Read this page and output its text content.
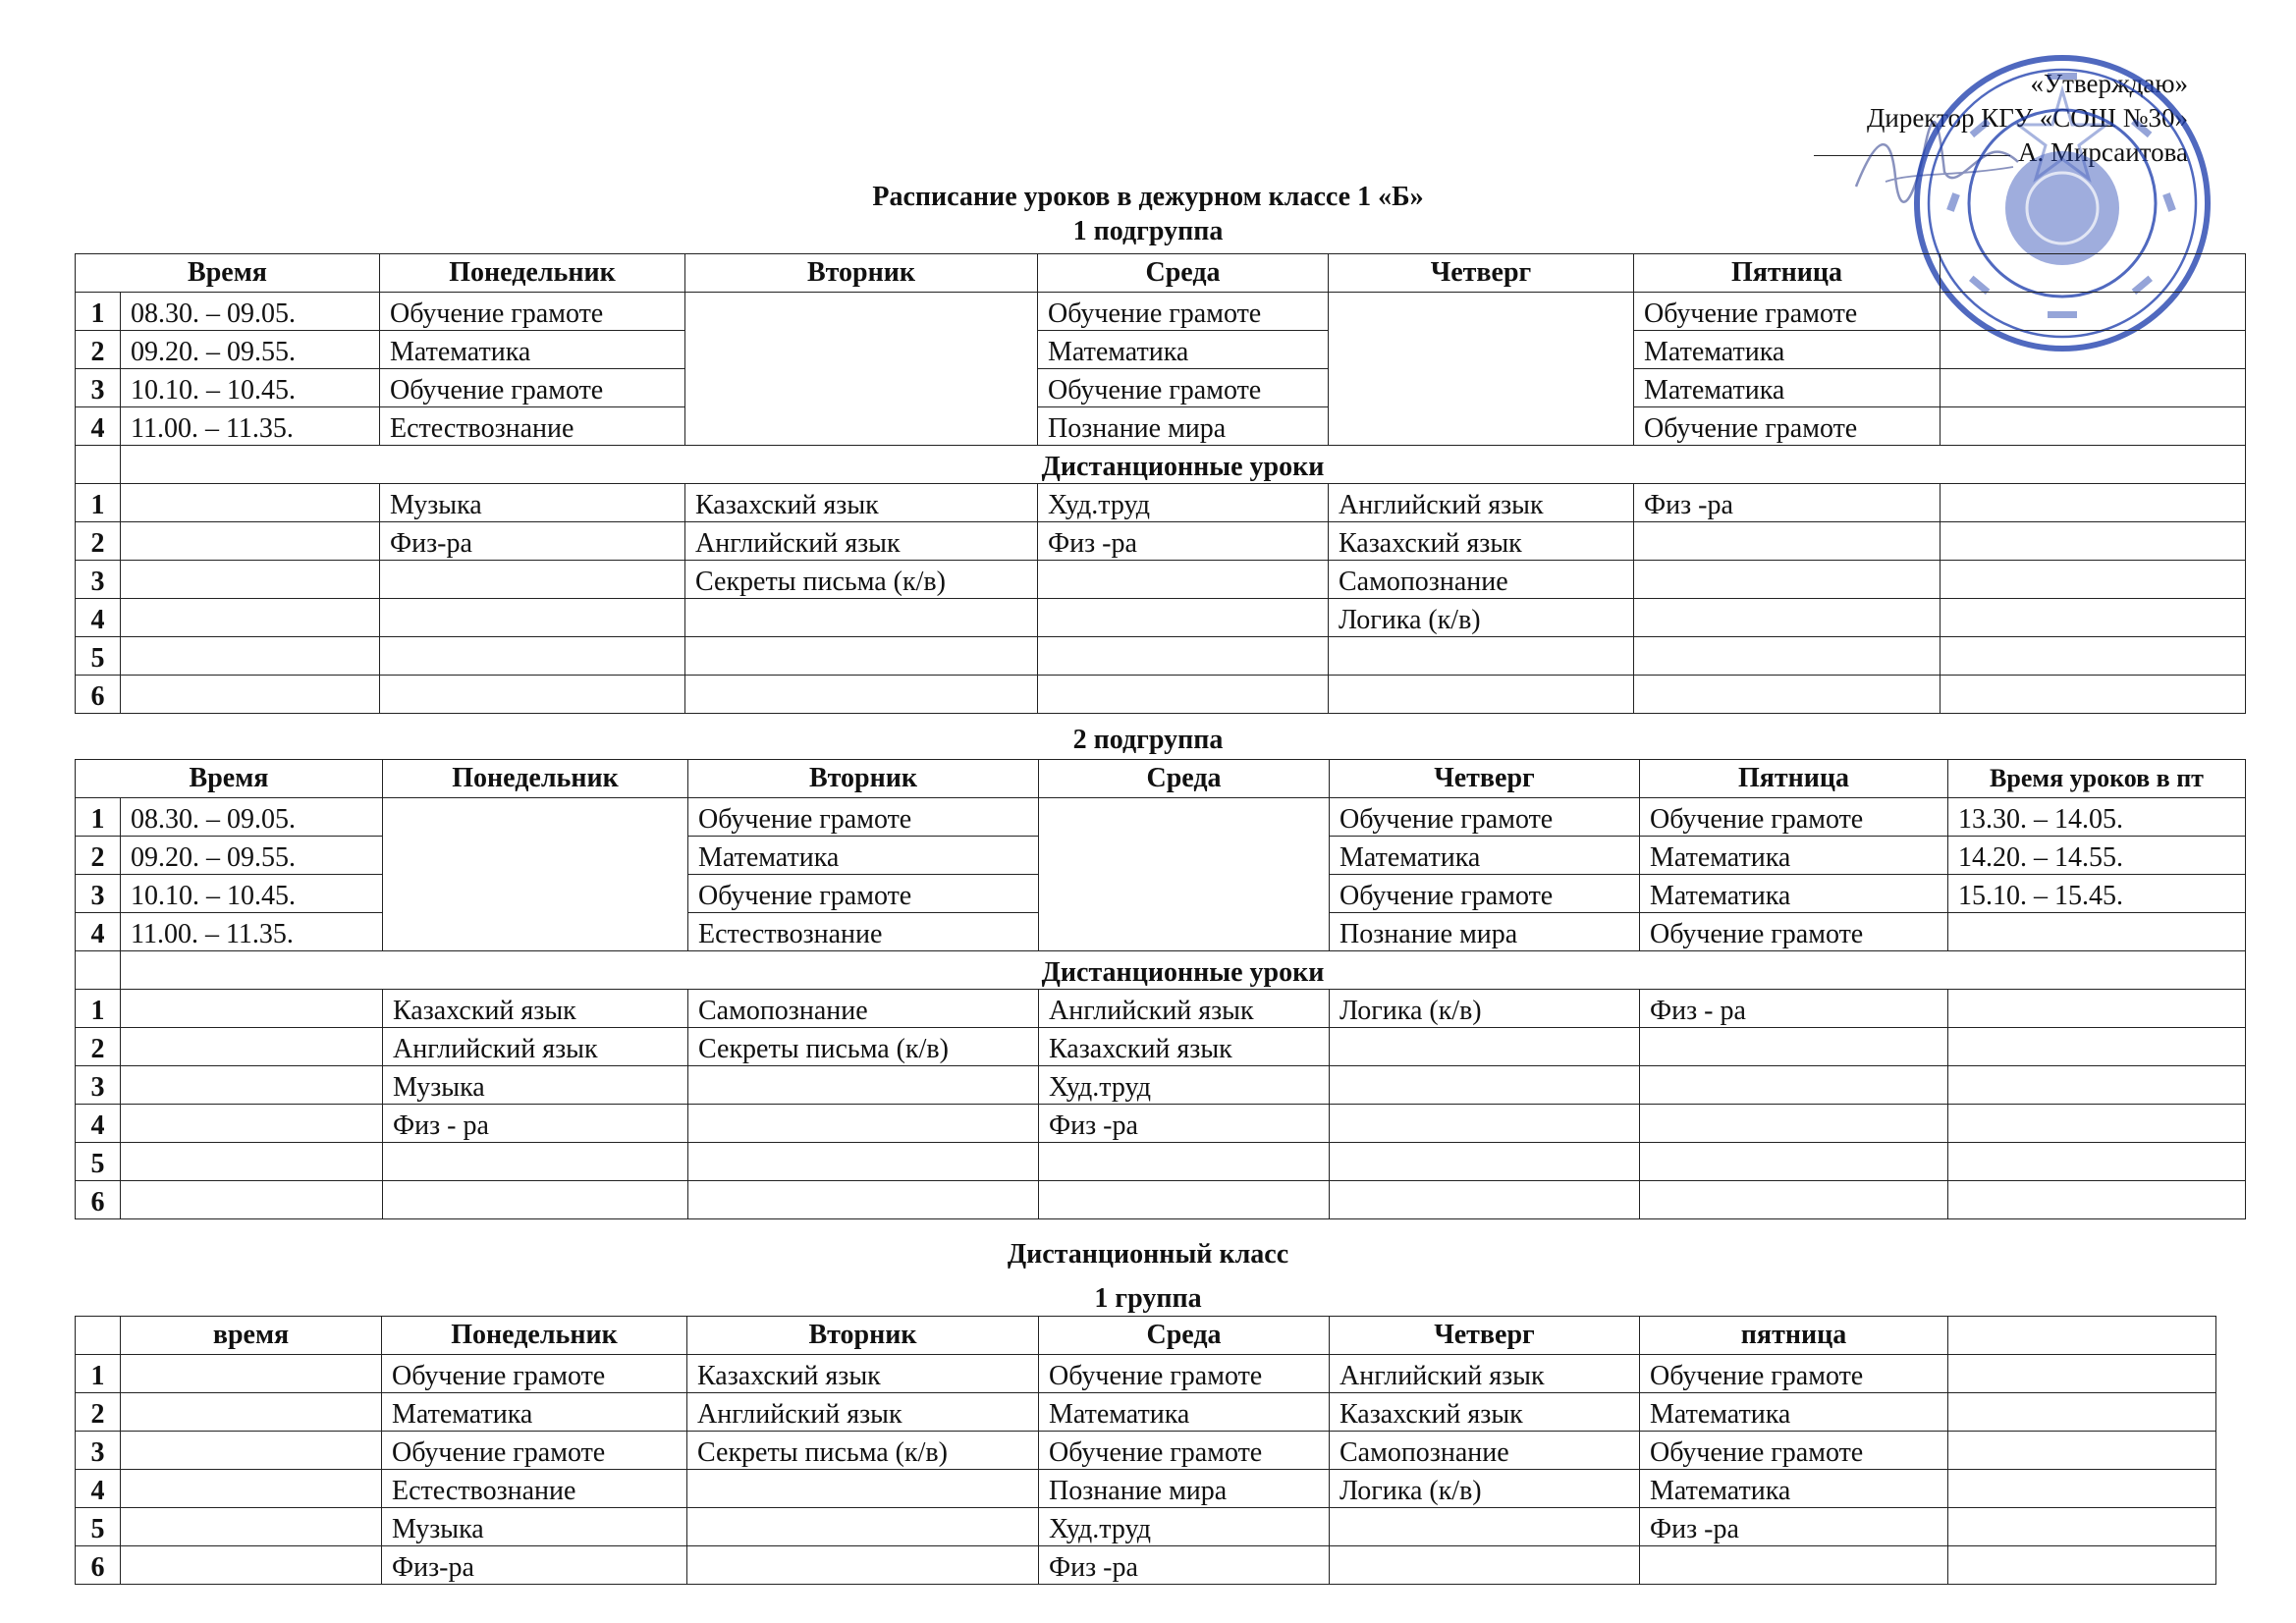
«Утверждаю»
Директор КГУ «СОШ №30»
А. Мирсаитова
Расписание уроков в дежурном классе 1 «Б»
1 подгруппа
Время		Понедельник	Вторник	Среда	Четверг	Пятница	
1	08.30. – 09.05.	Обучение грамоте		Обучение грамоте		Обучение грамоте	
2	09.20. – 09.55.	Математика		Математика		Математика	
3	10.10. – 10.45.	Обучение грамоте		Обучение грамоте		Математика	
4	11.00. – 11.35.	Естествознание		Познание мира		Обучение грамоте	
	Дистанционные уроки						
1		Музыка	Казахский язык	Худ.труд	Английский язык	Физ -ра	
2		Физ-ра	Английский язык	Физ -ра	Казахский язык		
3			Секреты письма (к/в)		Самопознание		
4					Логика (к/в)		
5							
6							
2 подгруппа
Время		Понедельник	Вторник	Среда	Четверг	Пятница	Время уроков в пт
1	08.30. – 09.05.		Обучение грамоте		Обучение грамоте	Обучение грамоте	13.30. – 14.05.
2	09.20. – 09.55.		Математика		Математика	Математика	14.20. – 14.55.
3	10.10. – 10.45.		Обучение грамоте		Обучение грамоте	Математика	15.10. – 15.45.
4	11.00. – 11.35.		Естествознание		Познание мира	Обучение грамоте	
	Дистанционные уроки						
1		Казахский язык	Самопознание	Английский язык	Логика (к/в)	Физ - ра	
2		Английский язык	Секреты письма (к/в)	Казахский язык			
3		Музыка		Худ.труд			
4		Физ - ра		Физ -ра			
5							
6							
Дистанционный класс
1 группа
	время	Понедельник	Вторник	Среда	Четверг	пятница	
1		Обучение грамоте	Казахский язык	Обучение грамоте	Английский язык	Обучение грамоте	
2		Математика	Английский язык	Математика	Казахский язык	Математика	
3		Обучение грамоте	Секреты письма (к/в)	Обучение грамоте	Самопознание	Обучение грамоте	
4		Естествознание		Познание мира	Логика (к/в)	Математика	
5		Музыка		Худ.труд		Физ -ра	
6		Физ-ра		Физ -ра			
